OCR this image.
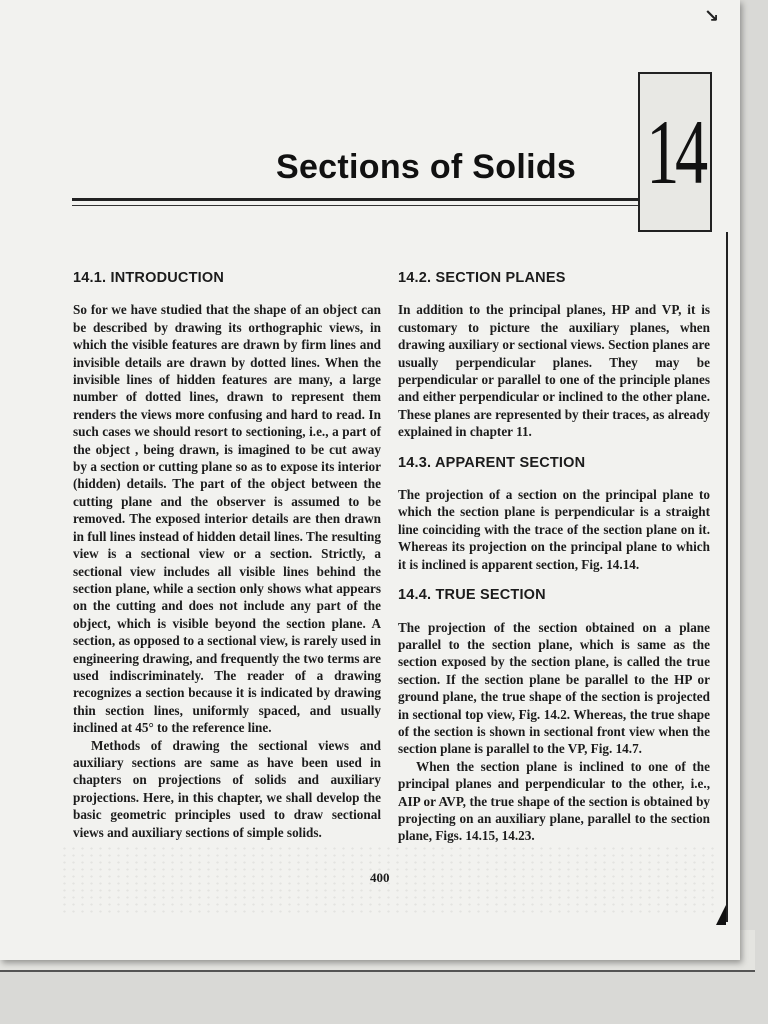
↘
Sections of Solids 14
14.1. INTRODUCTION

So for we have studied that the shape of an object can be described by drawing its orthographic views, in which the visible features are drawn by firm lines and invisible details are drawn by dotted lines. When the invisible lines of hidden features are many, a large number of dotted lines, drawn to represent them renders the views more confusing and hard to read. In such cases we should resort to sectioning, i.e., a part of the object , being drawn, is imagined to be cut away by a section or cutting plane so as to expose its interior (hidden) details. The part of the object between the cutting plane and the observer is assumed to be removed. The exposed interior details are then drawn in full lines instead of hidden detail lines. The resulting view is a sectional view or a section. Strictly, a sectional view includes all visible lines behind the section plane, while a section only shows what appears on the cutting and does not include any part of the object, which is visible beyond the section plane. A section, as opposed to a sectional view, is rarely used in engineering drawing, and frequently the two terms are used indiscriminately. The reader of a drawing recognizes a section because it is indicated by drawing thin section lines, uniformly spaced, and usually inclined at 45° to the reference line.

Methods of drawing the sectional views and auxiliary sections are same as have been used in chapters on projections of solids and auxiliary projections. Here, in this chapter, we shall develop the basic geometric principles used to draw sectional views and auxiliary sections of simple solids.

14.2. SECTION PLANES

In addition to the principal planes, HP and VP, it is customary to picture the auxiliary planes, when drawing auxiliary or sectional views. Section planes are usually perpendicular planes. They may be perpendicular or parallel to one of the principle planes and either perpendicular or inclined to the other plane. These planes are represented by their traces, as already explained in chapter 11.

14.3. APPARENT SECTION

The projection of a section on the principal plane to which the section plane is perpendicular is a straight line coinciding with the trace of the section plane on it. Whereas its projection on the principal plane to which it is inclined is apparent section, Fig. 14.14.

14.4. TRUE SECTION

The projection of the section obtained on a plane parallel to the section plane, which is same as the section exposed by the section plane, is called the true section. If the section plane be parallel to the HP or ground plane, the true shape of the section is projected in sectional top view, Fig. 14.2. Whereas, the true shape of the section is shown in sectional front view when the section plane is parallel to the VP, Fig. 14.7.

When the section plane is inclined to one of the principal planes and perpendicular to the other, i.e., AIP or AVP, the true shape of the section is obtained by projecting on an auxiliary plane, parallel to the section plane, Figs. 14.15, 14.23.

400
